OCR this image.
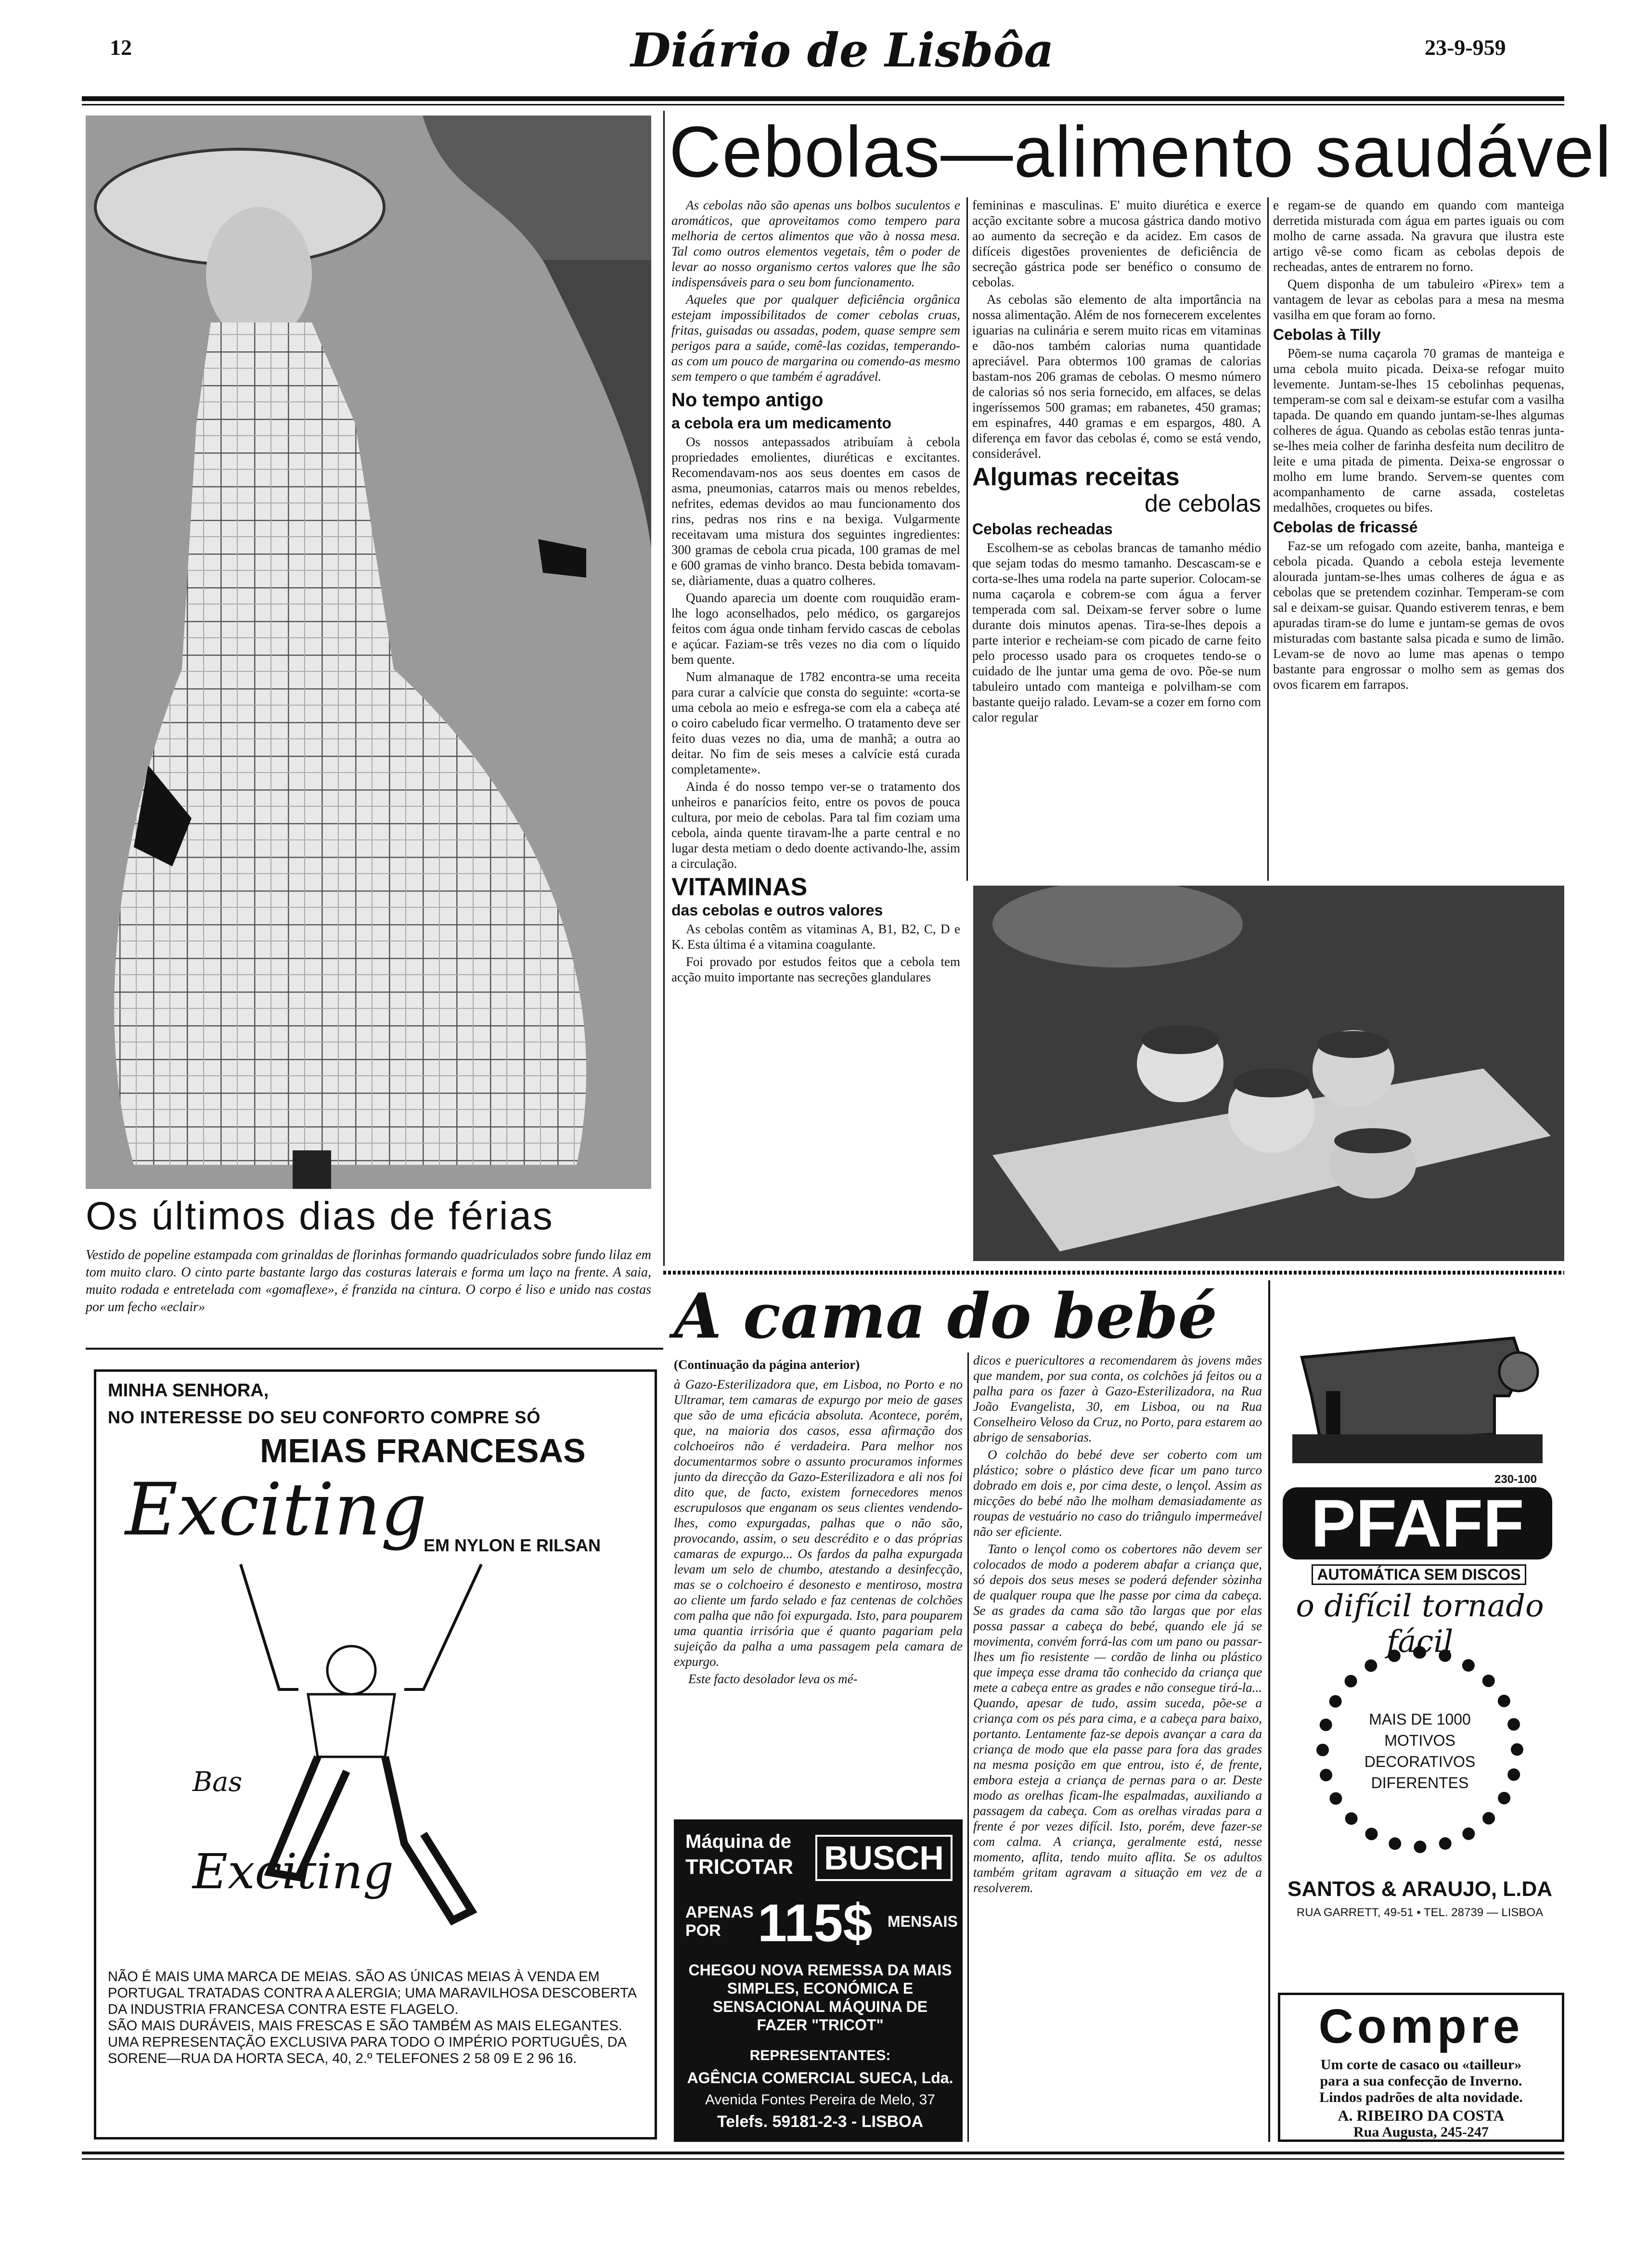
12	Diário de Lisbôa	23-9-959
Os últimos dias de férias
Vestido de popeline estampada com grinaldas de florinhas formando quadriculados sobre fundo lilaz em tom muito claro. O cinto parte bastante largo das costuras laterais e forma um laço na frente. A saia, muito rodada e entretelada com «gomaflexe», é franzida na cintura. O corpo é liso e unido nas costas por um fecho «eclair»
Cebolas—alimento saudável

As cebolas não são apenas uns bolbos suculentos e aromáticos, que aproveitamos como tempero para melhoria de certos alimentos que vão à nossa mesa. Tal como outros elementos vegetais, têm o poder de levar ao nosso organismo certos valores que lhe são indispensáveis para o seu bom funcionamento.

Aqueles que por qualquer deficiência orgânica estejam impossibilitados de comer cebolas cruas, fritas, guisadas ou assadas, podem, quase sempre sem perigos para a saúde, comê-las cozidas, temperando-as com um pouco de margarina ou comendo-as mesmo sem tempero o que também é agradável.

No tempo antigo
a cebola era um medicamento

Os nossos antepassados atribuíam à cebola propriedades emolientes, diuréticas e excitantes. Recomendavam-nos aos seus doentes em casos de asma, pneumonias, catarros mais ou menos rebeldes, nefrites, edemas devidos ao mau funcionamento dos rins, pedras nos rins e na bexiga. Vulgarmente receitavam uma mistura dos seguintes ingredientes: 300 gramas de cebola crua picada, 100 gramas de mel e 600 gramas de vinho branco. Desta bebida tomavam-se, diàriamente, duas a quatro colheres.

Quando aparecia um doente com rouquidão eram-lhe logo aconselhados, pelo médico, os gargarejos feitos com água onde tinham fervido cascas de cebolas e açúcar. Faziam-se três vezes no dia com o líquido bem quente.

Num almanaque de 1782 encontra-se uma receita para curar a calvície que consta do seguinte: «corta-se uma cebola ao meio e esfrega-se com ela a cabeça até o coiro cabeludo ficar vermelho. O tratamento deve ser feito duas vezes no dia, uma de manhã; a outra ao deitar. No fim de seis meses a calvície está curada completamente».

Ainda é do nosso tempo ver-se o tratamento dos unheiros e panarícios feito, entre os povos de pouca cultura, por meio de cebolas. Para tal fim coziam uma cebola, ainda quente tiravam-lhe a parte central e no lugar desta metiam o dedo doente activando-lhe, assim a circulação.

VITAMINAS
das cebolas e outros valores

As cebolas contêm as vitaminas A, B1, B2, C, D e K. Esta última é a vitamina coagulante.

Foi provado por estudos feitos que a cebola tem acção muito importante nas secreções glandulares

femininas e masculinas. E' muito diurética e exerce acção excitante sobre a mucosa gástrica dando motivo ao aumento da secreção e da acidez. Em casos de difíceis digestões provenientes de deficiência de secreção gástrica pode ser benéfico o consumo de cebolas.

As cebolas são elemento de alta importância na nossa alimentação. Além de nos fornecerem excelentes iguarias na culinária e serem muito ricas em vitaminas e dão-nos também calorias numa quantidade apreciável. Para obtermos 100 gramas de calorias bastam-nos 206 gramas de cebolas. O mesmo número de calorias só nos seria fornecido, em alfaces, se delas ingeríssemos 500 gramas; em rabanetes, 450 gramas; em espinafres, 440 gramas e em espargos, 480. A diferença em favor das cebolas é, como se está vendo, considerável.

Algumas receitas
de cebolas
Cebolas recheadas

Escolhem-se as cebolas brancas de tamanho médio que sejam todas do mesmo tamanho. Descascam-se e corta-se-lhes uma rodela na parte superior. Colocam-se numa caçarola e cobrem-se com água a ferver temperada com sal. Deixam-se ferver sobre o lume durante dois minutos apenas. Tira-se-lhes depois a parte interior e recheiam-se com picado de carne feito pelo processo usado para os croquetes tendo-se o cuidado de lhe juntar uma gema de ovo. Põe-se num tabuleiro untado com manteiga e polvilham-se com bastante queijo ralado. Levam-se a cozer em forno com calor regular

e regam-se de quando em quando com manteiga derretida misturada com água em partes iguais ou com molho de carne assada. Na gravura que ilustra este artigo vê-se como ficam as cebolas depois de recheadas, antes de entrarem no forno.

Quem disponha de um tabuleiro «Pirex» tem a vantagem de levar as cebolas para a mesa na mesma vasilha em que foram ao forno.

Cebolas à Tilly

Põem-se numa caçarola 70 gramas de manteiga e uma cebola muito picada. Deixa-se refogar muito levemente. Juntam-se-lhes 15 cebolinhas pequenas, temperam-se com sal e deixam-se estufar com a vasilha tapada. De quando em quando juntam-se-lhes algumas colheres de água. Quando as cebolas estão tenras junta-se-lhes meia colher de farinha desfeita num decilitro de leite e uma pitada de pimenta. Deixa-se engrossar o molho em lume brando. Servem-se quentes com acompanhamento de carne assada, costeletas medalhões, croquetes ou bifes.

Cebolas de fricassé

Faz-se um refogado com azeite, banha, manteiga e cebola picada. Quando a cebola esteja levemente alourada juntam-se-lhes umas colheres de água e as cebolas que se pretendem cozinhar. Temperam-se com sal e deixam-se guisar. Quando estiverem tenras, e bem apuradas tiram-se do lume e juntam-se gemas de ovos misturadas com bastante salsa picada e sumo de limão. Levam-se de novo ao lume mas apenas o tempo bastante para engrossar o molho sem as gemas dos ovos ficarem em farrapos.

MINHA SENHORA,
NO INTERESSE DO SEU CONFORTO COMPRE SÓ
MEIAS FRANCESAS
Exciting
EM NYLON E RILSAN
Bas
Exciting
NÃO É MAIS UMA MARCA DE MEIAS. SÃO AS ÚNICAS MEIAS À VENDA EM PORTUGAL TRATADAS CONTRA A ALERGIA; UMA MARAVILHOSA DESCOBERTA DA INDUSTRIA FRANCESA CONTRA ESTE FLAGELO.
SÃO MAIS DURÁVEIS, MAIS FRESCAS E SÃO TAMBÉM AS MAIS ELEGANTES.
UMA REPRESENTAÇÃO EXCLUSIVA PARA TODO O IMPÉRIO PORTUGUÊS, DA SORENE—RUA DA HORTA SECA, 40, 2.º TELEFONES 2 58 09 E 2 96 16.
A cama do bebé
(Continuação da página anterior)

à Gazo-Esterilizadora que, em Lisboa, no Porto e no Ultramar, tem camaras de expurgo por meio de gases que são de uma eficácia absoluta. Acontece, porém, que, na maioria dos casos, essa afirmação dos colchoeiros não é verdadeira. Para melhor nos documentarmos sobre o assunto procuramos informes junto da direcção da Gazo-Esterilizadora e ali nos foi dito que, de facto, existem fornecedores menos escrupulosos que enganam os seus clientes vendendo-lhes, como expurgadas, palhas que o não são, provocando, assim, o seu descrédito e o das próprias camaras de expurgo... Os fardos da palha expurgada levam um selo de chumbo, atestando a desinfecção, mas se o colchoeiro é desonesto e mentiroso, mostra ao cliente um fardo selado e faz centenas de colchões com palha que não foi expurgada. Isto, para pouparem uma quantia irrisória que é quanto pagariam pela sujeição da palha a uma passagem pela camara de expurgo.

Este facto desolador leva os mé-

dicos e puericultores a recomendarem às jovens mães que mandem, por sua conta, os colchões já feitos ou a palha para os fazer à Gazo-Esterilizadora, na Rua João Evangelista, 30, em Lisboa, ou na Rua Conselheiro Veloso da Cruz, no Porto, para estarem ao abrigo de sensaborias.

O colchão do bebé deve ser coberto com um plástico; sobre o plástico deve ficar um pano turco dobrado em dois e, por cima deste, o lençol. Assim as micções do bebé não lhe molham demasiadamente as roupas de vestuário no caso do triângulo impermeável não ser eficiente.

Tanto o lençol como os cobertores não devem ser colocados de modo a poderem abafar a criança que, só depois dos seus meses se poderá defender sòzinha de qualquer roupa que lhe passe por cima da cabeça. Se as grades da cama são tão largas que por elas possa passar a cabeça do bebé, quando ele já se movimenta, convém forrá-las com um pano ou passar-lhes um fio resistente — cordão de linha ou plástico que impeça esse drama tão conhecido da criança que mete a cabeça entre as grades e não consegue tirá-la... Quando, apesar de tudo, assim suceda, põe-se a criança com os pés para cima, e a cabeça para baixo, portanto. Lentamente faz-se depois avançar a cara da criança de modo que ela passe para fora das grades na mesma posição em que entrou, isto é, de frente, embora esteja a criança de pernas para o ar. Deste modo as orelhas ficam-lhe espalmadas, auxiliando a passagem da cabeça. Com as orelhas viradas para a frente é por vezes difícil. Isto, porém, deve fazer-se com calma. A criança, geralmente está, nesse momento, aflita, tendo muito aflita. Se os adultos também gritam agravam a situação em vez de a resolverem.

Máquina de
TRICOTAR BUSCH
APENAS POR 115$ MENSAIS
CHEGOU NOVA REMESSA DA MAIS SIMPLES, ECONÓMICA E SENSACIONAL MÁQUINA DE FAZER "TRICOT"
REPRESENTANTES:
AGÊNCIA COMERCIAL SUECA, Lda.
Avenida Fontes Pereira de Melo, 37
Telefs. 59181-2-3 - LISBOA
230-100
PFAFF
AUTOMÁTICA SEM DISCOS
o difícil tornado fácil
MAIS DE 1000 MOTIVOS DECORATIVOS DIFERENTES
SANTOS & ARAUJO, L.DA
RUA GARRETT, 49-51 • TEL. 28739 — LISBOA
Compre
Um corte de casaco ou «tailleur»
para a sua confecção de Inverno.
Lindos padrões de alta novidade.
A. RIBEIRO DA COSTA
Rua Augusta, 245-247
